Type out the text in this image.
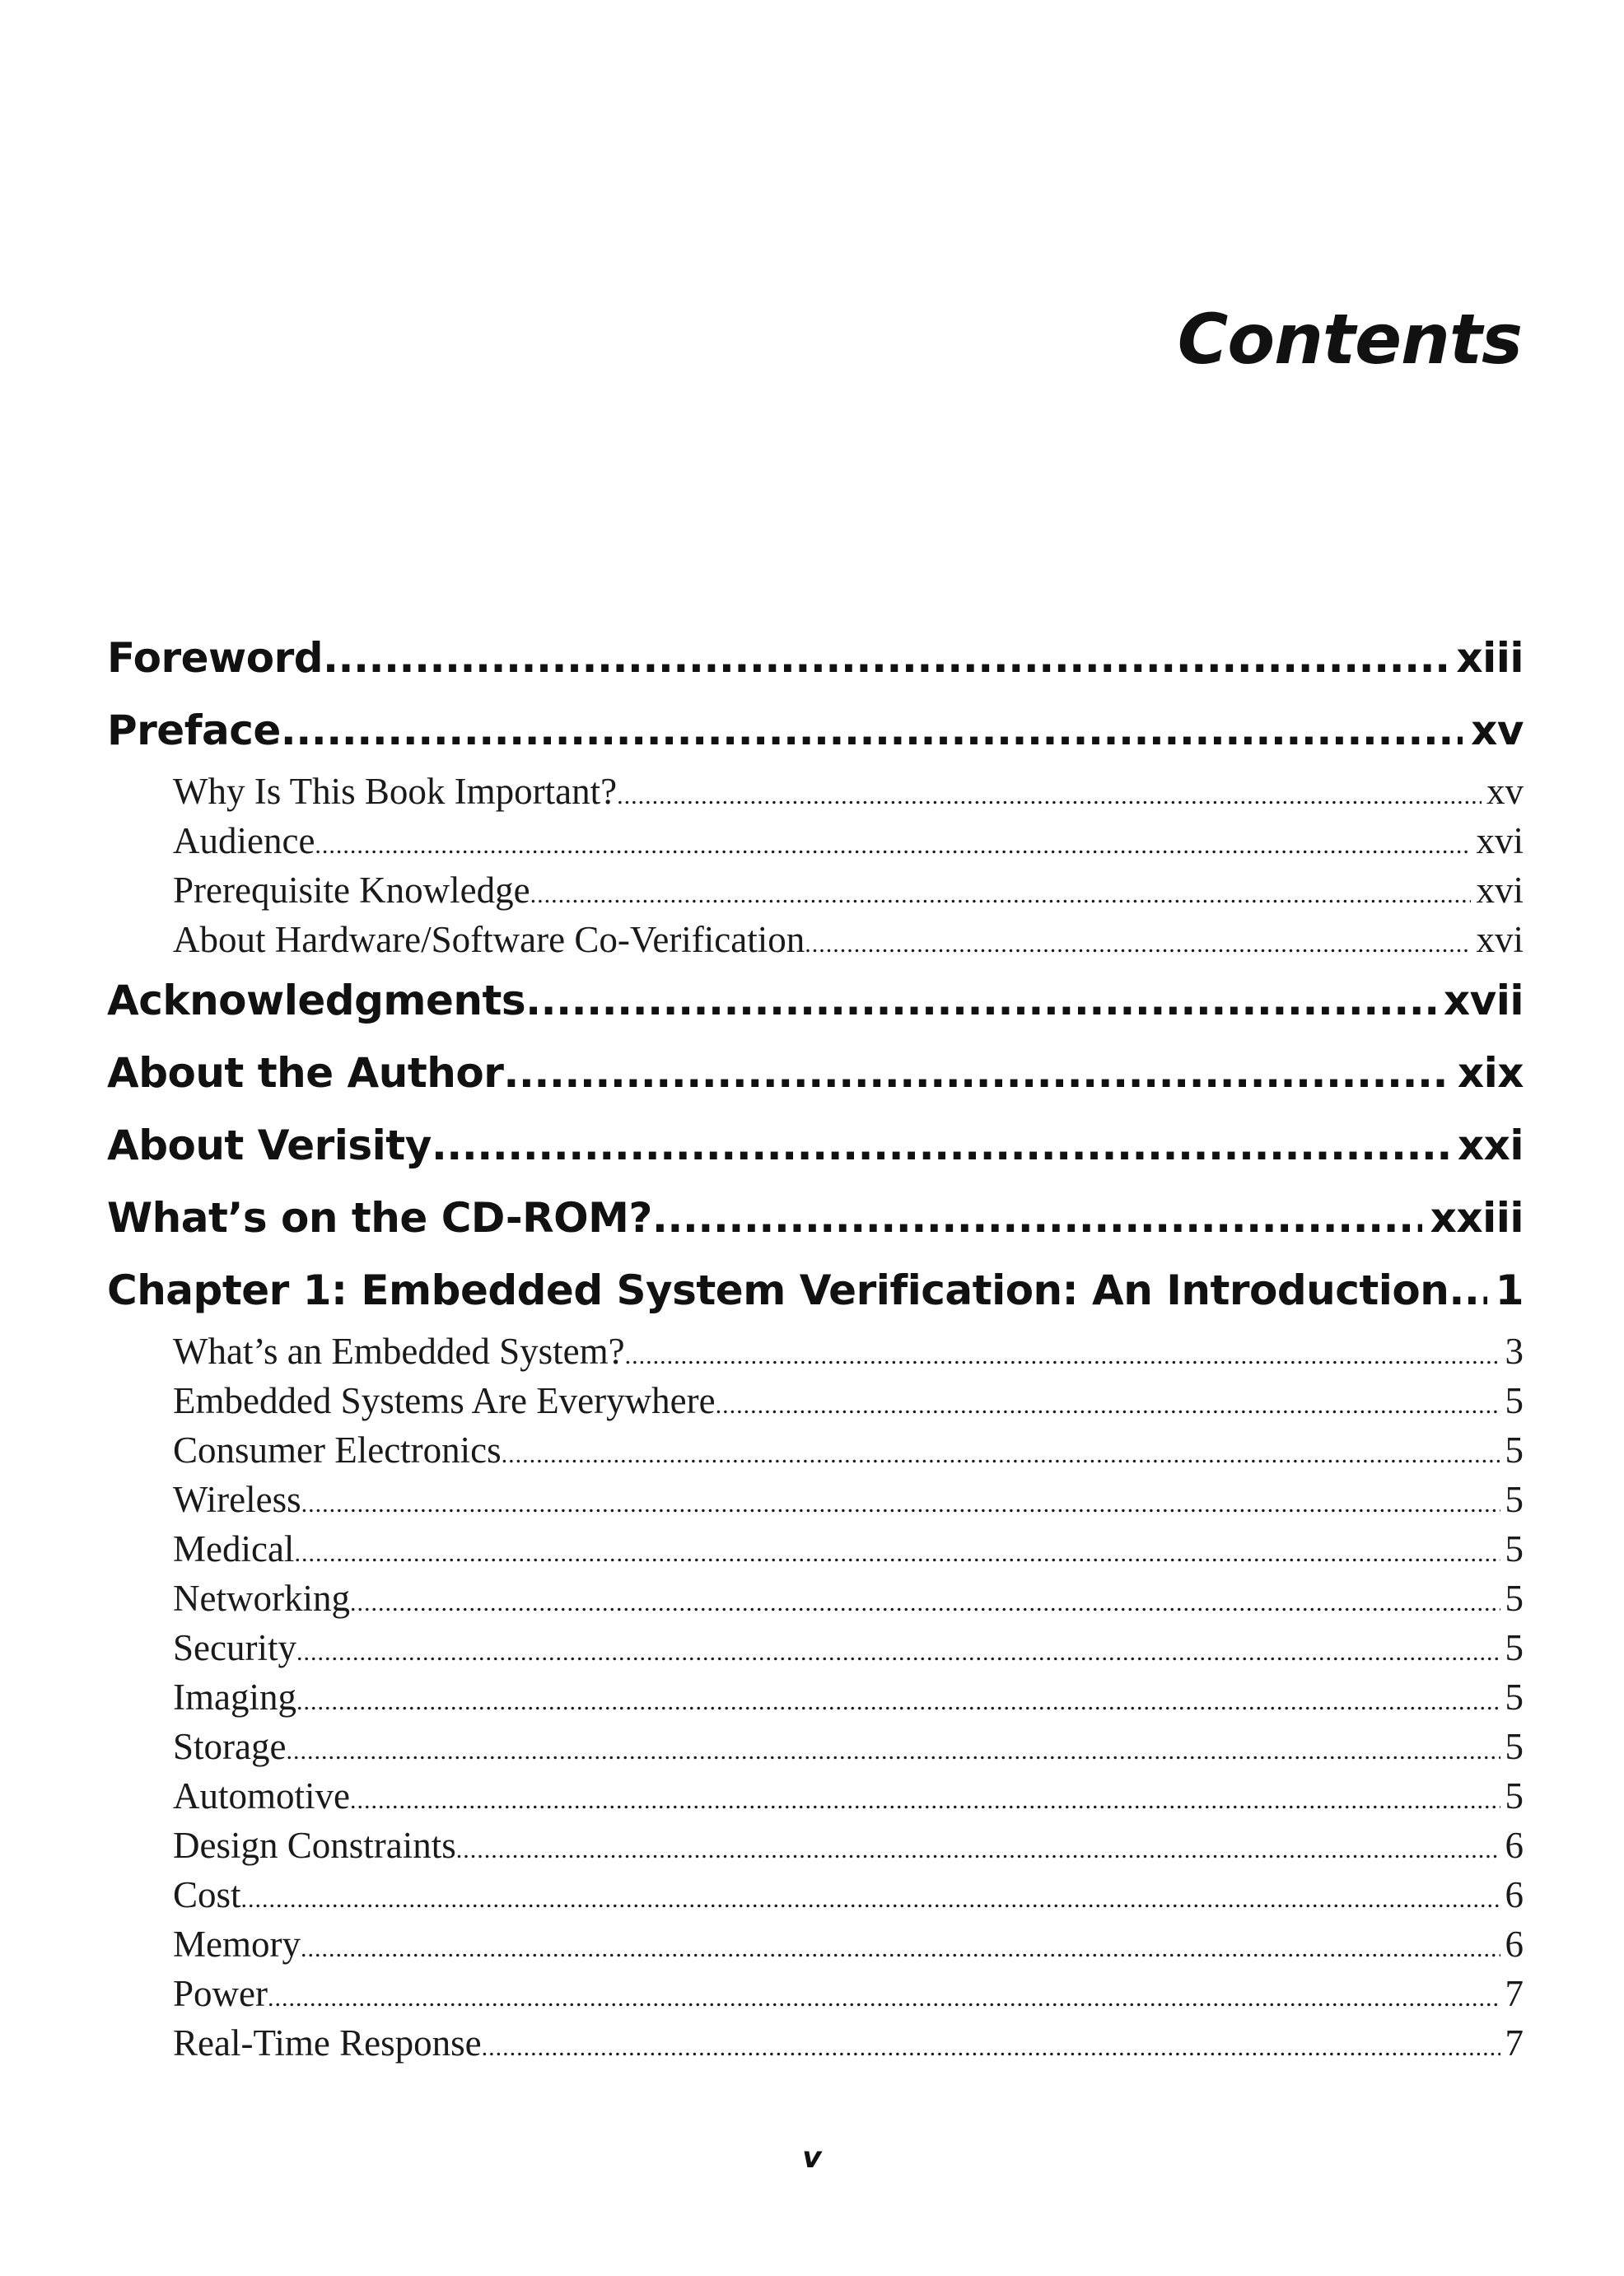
Contents
Foreword .....	xiii
Preface .....	xv
Why Is This Book Important? .....	xv
Audience .....	xvi
Prerequisite Knowledge .....	xvi
About Hardware/Software Co-Verification .....	xvi
Acknowledgments .....	xvii
About the Author .....	xix
About Verisity .....	xxi
What’s on the CD-ROM? .....	xxiii
Chapter 1: Embedded System Verification: An Introduction ..... 1
What’s an Embedded System? .....	3
Embedded Systems Are Everywhere .....	5
Consumer Electronics .....	5
Wireless .....	5
Medical .....	5
Networking .....	5
Security .....	5
Imaging .....	5
Storage .....	5
Automotive .....	5
Design Constraints .....	6
Cost .....	6
Memory .....	6
Power .....	7
Real-Time Response .....	7
v
